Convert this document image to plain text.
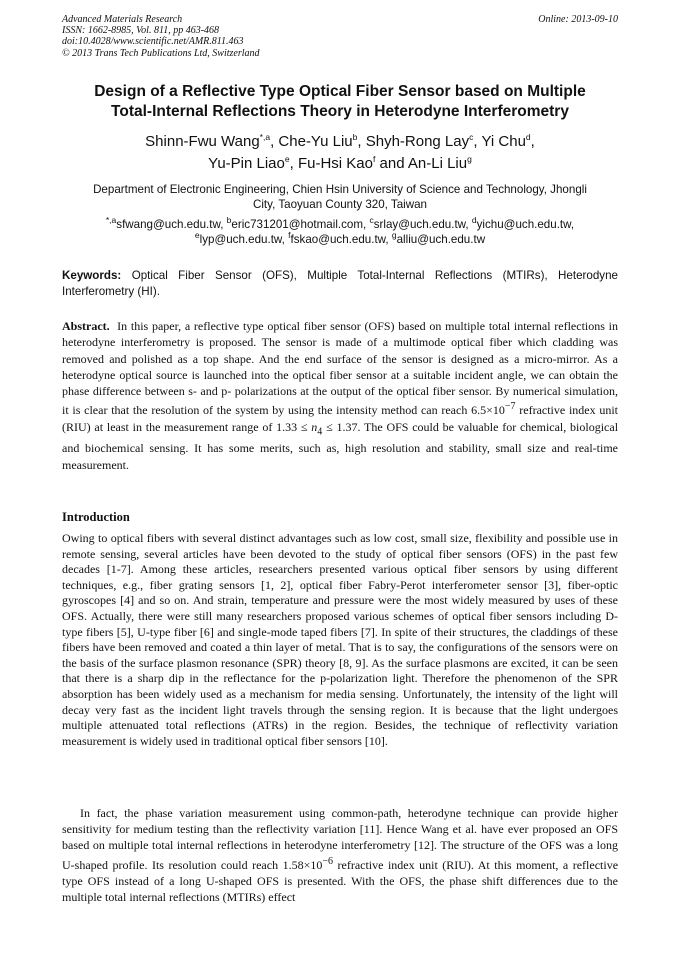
Advanced Materials Research
ISSN: 1662-8985, Vol. 811, pp 463-468
doi:10.4028/www.scientific.net/AMR.811.463
© 2013 Trans Tech Publications Ltd, Switzerland
Online: 2013-09-10
Design of a Reflective Type Optical Fiber Sensor based on Multiple
Total-Internal Reflections Theory in Heterodyne Interferometry
Shinn-Fwu Wang$^{*,a}$, Che-Yu Liu$^b$, Shyh-Rong Lay$^c$, Yi Chu$^d$,
Yu-Pin Liao$^e$, Fu-Hsi Kao$^f$ and An-Li Liu$^g$
Department of Electronic Engineering, Chien Hsin University of Science and Technology, Jhongli
City, Taoyuan County 320, Taiwan
$^{*,a}$sfwang@uch.edu.tw, $^b$eric731201@hotmail.com, $^c$srlay@uch.edu.tw, $^d$yichu@uch.edu.tw,
$^e$lyp@uch.edu.tw, $^f$fskao@uch.edu.tw, $^g$alliu@uch.edu.tw
Keywords: Optical Fiber Sensor (OFS), Multiple Total-Internal Reflections (MTIRs), Heterodyne Interferometry (HI).
Abstract. In this paper, a reflective type optical fiber sensor (OFS) based on multiple total internal reflections in heterodyne interferometry is proposed. The sensor is made of a multimode optical fiber which cladding was removed and polished as a top shape. And the end surface of the sensor is designed as a micro-mirror. As a heterodyne optical source is launched into the optical fiber sensor at a suitable incident angle, we can obtain the phase difference between s- and p- polarizations at the output of the optical fiber sensor. By numerical simulation, it is clear that the resolution of the system by using the intensity method can reach $6.5\times 10^{-7}$ refractive index unit (RIU) at least in the measurement range of $1.33 \le n_4 \le 1.37$. The OFS could be valuable for chemical, biological and biochemical sensing. It has some merits, such as, high resolution and stability, small size and real-time measurement.
Introduction
Owing to optical fibers with several distinct advantages such as low cost, small size, flexibility and possible use in remote sensing, several articles have been devoted to the study of optical fiber sensors (OFS) in the past few decades [1-7]. Among these articles, researchers presented various optical fiber sensors by using different techniques, e.g., fiber grating sensors [1, 2], optical fiber Fabry-Perot interferometer sensor [3], fiber-optic gyroscopes [4] and so on. And strain, temperature and pressure were the most widely measured by uses of these OFS. Actually, there were still many researchers proposed various schemes of optical fiber sensors including D-type fibers [5], U-type fiber [6] and single-mode taped fibers [7]. In spite of their structures, the claddings of these fibers have been removed and coated a thin layer of metal. That is to say, the configurations of the sensors were on the basis of the surface plasmon resonance (SPR) theory [8, 9]. As the surface plasmons are excited, it can be seen that there is a sharp dip in the reflectance for the p-polarization light. Therefore the phenomenon of the SPR absorption has been widely used as a mechanism for media sensing. Unfortunately, the intensity of the light will decay very fast as the incident light travels through the sensing region. It is because that the light undergoes multiple attenuated total reflections (ATRs) in the region. Besides, the technique of reflectivity variation measurement is widely used in traditional optical fiber sensors [10].
In fact, the phase variation measurement using common-path, heterodyne technique can provide higher sensitivity for medium testing than the reflectivity variation [11]. Hence Wang et al. have ever proposed an OFS based on multiple total internal reflections in heterodyne interferometry [12]. The structure of the OFS was a long U-shaped profile. Its resolution could reach $1.58\times 10^{-6}$ refractive index unit (RIU). At this moment, a reflective type OFS instead of a long U-shaped OFS is presented. With the OFS, the phase shift differences due to the multiple total internal reflections (MTIRs) effect
